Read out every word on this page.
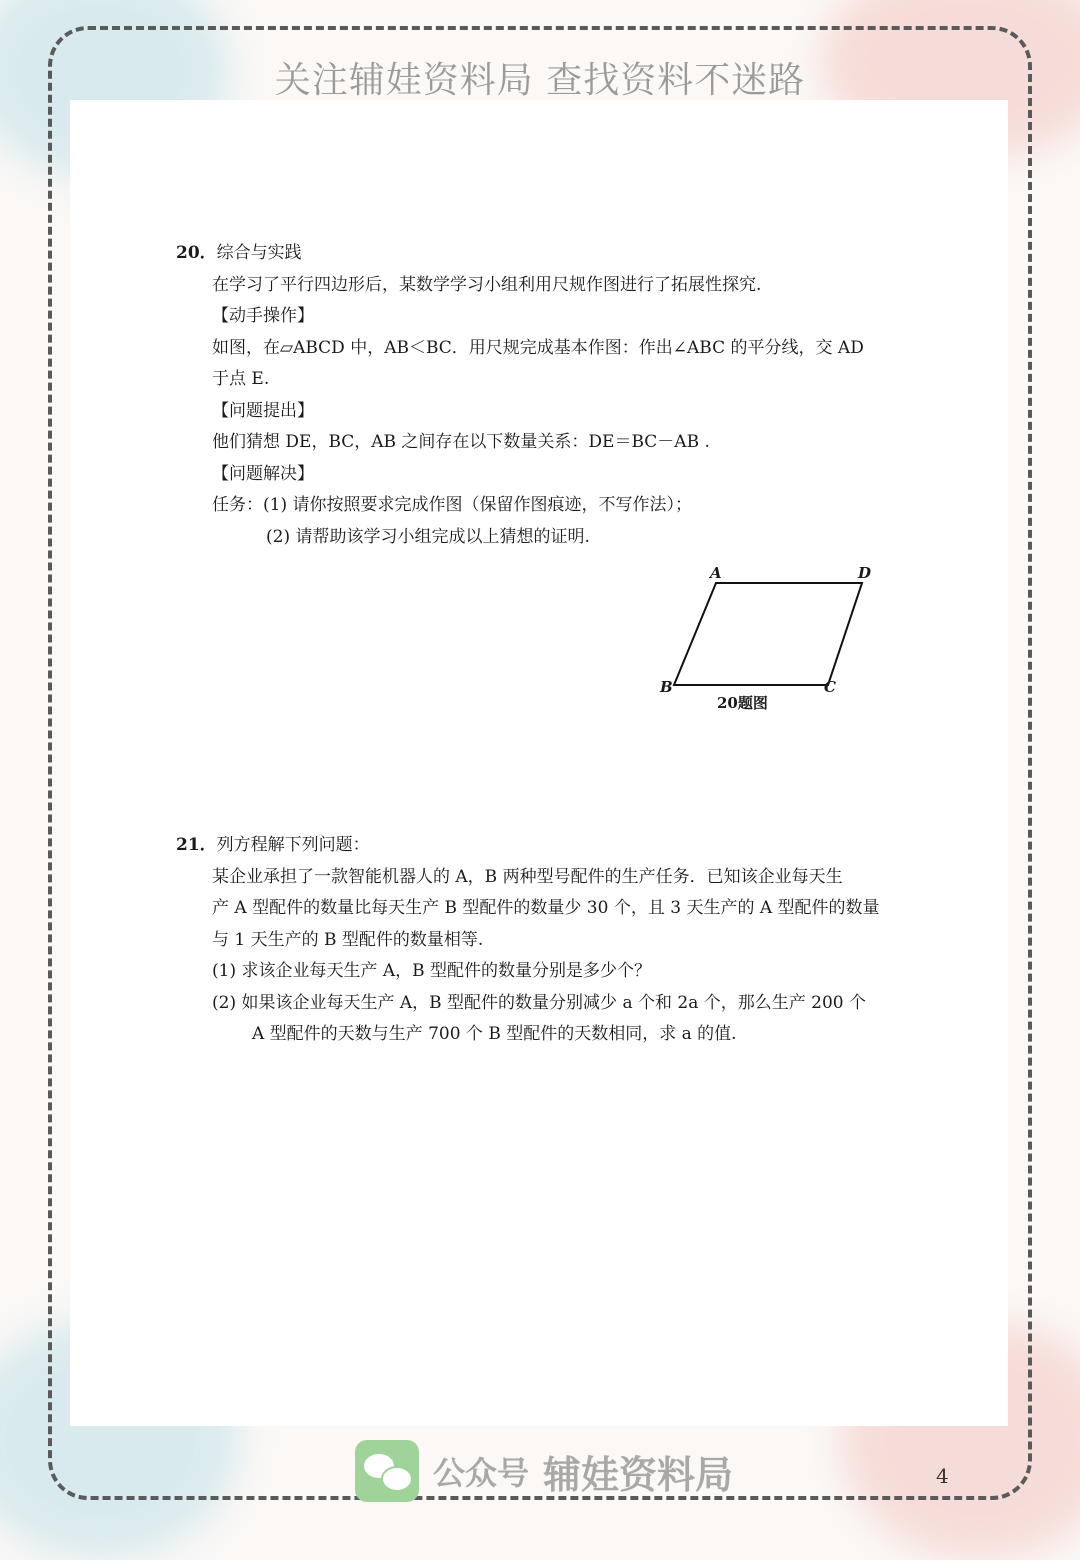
关注辅娃资料局 查找资料不迷路
20．综合与实践
在学习了平行四边形后，某数学学习小组利用尺规作图进行了拓展性探究.
【动手操作】
如图，在▱ABCD 中，AB＜BC．用尺规完成基本作图：作出∠ABC 的平分线，交 AD
于点 E.
【问题提出】
他们猜想 DE，BC，AB 之间存在以下数量关系：DE＝BC－AB .
【问题解决】
任务：(1) 请你按照要求完成作图（保留作图痕迹，不写作法）；
(2) 请帮助该学习小组完成以上猜想的证明.
A	D
B	C
20题图
21．列方程解下列问题：
某企业承担了一款智能机器人的 A，B 两种型号配件的生产任务．已知该企业每天生
产 A 型配件的数量比每天生产 B 型配件的数量少 30 个，且 3 天生产的 A 型配件的数量
与 1 天生产的 B 型配件的数量相等.
(1) 求该企业每天生产 A，B 型配件的数量分别是多少个？
(2) 如果该企业每天生产 A，B 型配件的数量分别减少 a 个和 2a 个，那么生产 200 个
A 型配件的天数与生产 700 个 B 型配件的天数相同，求 a 的值.
公众号 辅娃资料局	4
